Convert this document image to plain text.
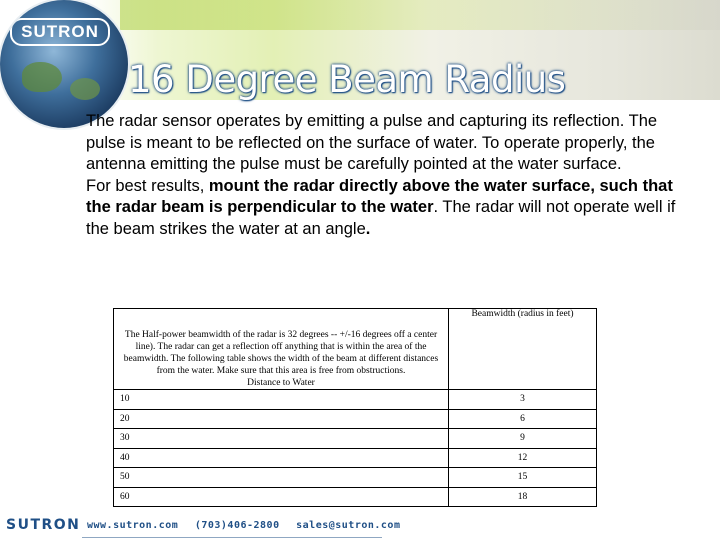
SUTRON
16 Degree Beam Radius

The radar sensor operates by emitting a pulse and capturing its reflection. The pulse is meant to be reflected on the surface of water. To operate properly, the antenna emitting the pulse must be carefully pointed at the water surface.

For best results, mount the radar directly above the water surface, such that the radar beam is perpendicular to the water. The radar will not operate well if the beam strikes the water at an angle.

The Half-power beamwidth of the radar is 32 degrees -- +/-16 degrees off a center line). The radar can get a reflection off anything that is within the area of the beamwidth. The following table shows the width of the beam at different distances from the water. Make sure that this area is free from obstructions.
Distance to Water	Beamwidth (radius in feet)
10	3
20	6
30	9
40	12
50	15
60	18
SUTRON www.sutron.com (703)406-2800 sales@sutron.com
